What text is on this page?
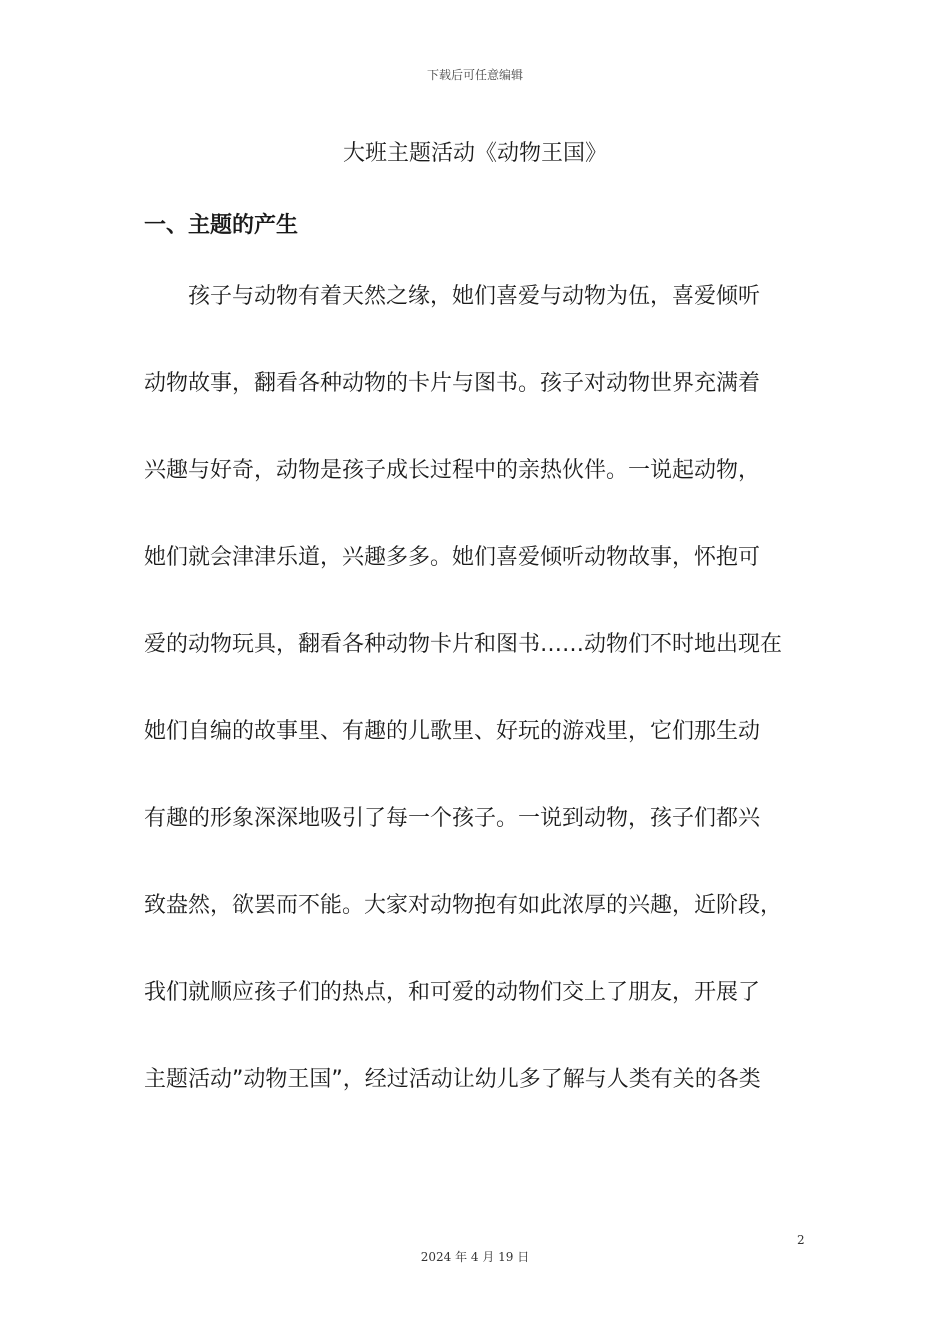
下载后可任意编辑
大班主题活动《动物王国》
一、主题的产生

　　孩子与动物有着天然之缘，她们喜爱与动物为伍，喜爱倾听

动物故事，翻看各种动物的卡片与图书。孩子对动物世界充满着

兴趣与好奇，动物是孩子成长过程中的亲热伙伴。一说起动物，

她们就会津津乐道，兴趣多多。她们喜爱倾听动物故事，怀抱可

爱的动物玩具，翻看各种动物卡片和图书……动物们不时地出现在

她们自编的故事里、有趣的儿歌里、好玩的游戏里，它们那生动

有趣的形象深深地吸引了每一个孩子。一说到动物，孩子们都兴

致盎然，欲罢而不能。大家对动物抱有如此浓厚的兴趣，近阶段，

我们就顺应孩子们的热点，和可爱的动物们交上了朋友，开展了

主题活动”动物王国”，经过活动让幼儿多了解与人类有关的各类

2
2024 年 4 月 19 日
